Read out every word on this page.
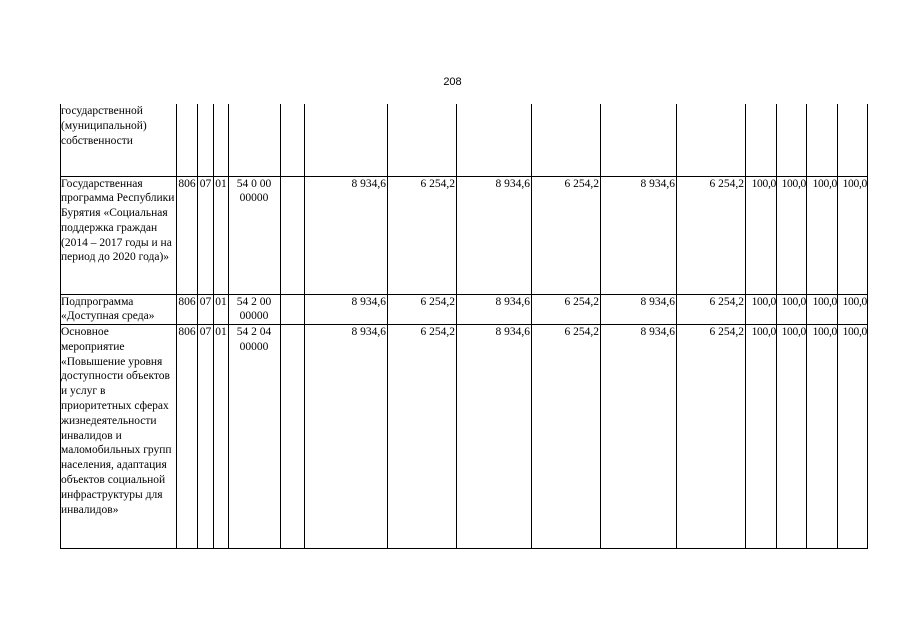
208
государственной (муниципальной) собственности															
Государственная программа Республики Бурятия «Социальная поддержка граждан (2014 – 2017 годы и на период до 2020 года)»	806	07	01	54 0 00 00000		8 934,6	6 254,2	8 934,6	6 254,2	8 934,6	6 254,2	100,0	100,0	100,0	100,0
Подпрограмма «Доступная среда»	806	07	01	54 2 00 00000		8 934,6	6 254,2	8 934,6	6 254,2	8 934,6	6 254,2	100,0	100,0	100,0	100,0
Основное мероприятие «Повышение уровня доступности объектов и услуг в приоритетных сферах жизнедеятельности инвалидов и маломобильных групп населения, адаптация объектов социальной инфраструктуры для инвалидов»	806	07	01	54 2 04 00000		8 934,6	6 254,2	8 934,6	6 254,2	8 934,6	6 254,2	100,0	100,0	100,0	100,0
